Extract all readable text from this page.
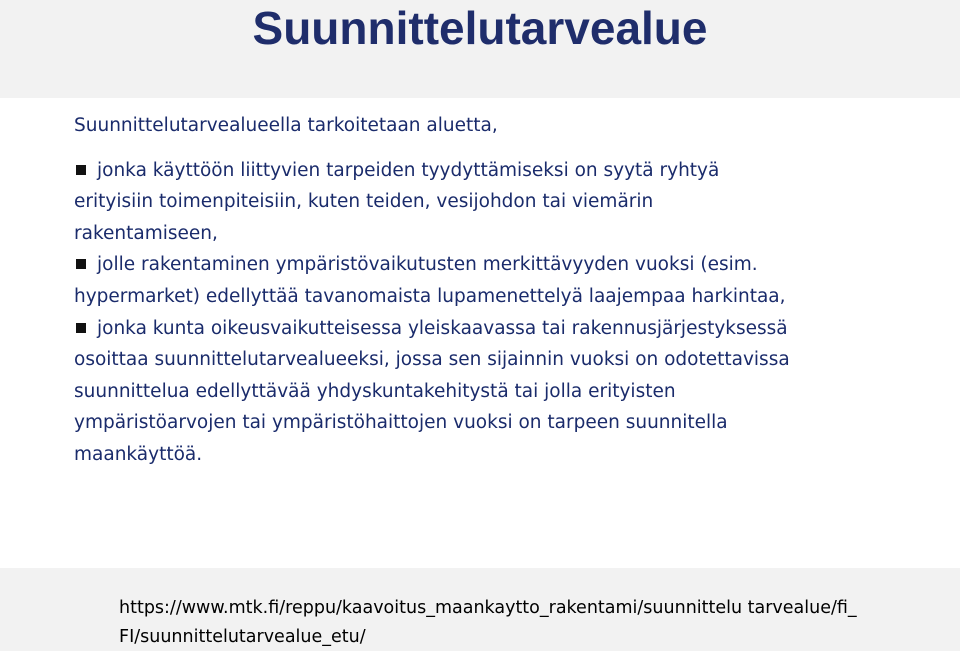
Suunnittelutarvealue

Suunnittelutarvealueella tarkoitetaan aluetta,

jonka käyttöön liittyvien tarpeiden tyydyttämiseksi on syytä ryhtyä erityisiin toimenpiteisiin, kuten teiden, vesijohdon tai viemärin rakentamiseen,
jolle rakentaminen ympäristövaikutusten merkittävyyden vuoksi (esim. hypermarket) edellyttää tavanomaista lupamenettelyä laajempaa harkintaa,
jonka kunta oikeusvaikutteisessa yleiskaavassa tai rakennusjärjestyksessä osoittaa suunnittelutarvealueeksi, jossa sen sijainnin vuoksi on odotettavissa suunnittelua edellyttävää yhdyskuntakehitystä tai jolla erityisten ympäristöarvojen tai ympäristöhaittojen vuoksi on tarpeen suunnitella maankäyttöä.

https://www.mtk.fi/reppu/kaavoitus_maankaytto_rakentami/suunnittelu tarvealue/fi_FI/suunnittelutarvealue_etu/
